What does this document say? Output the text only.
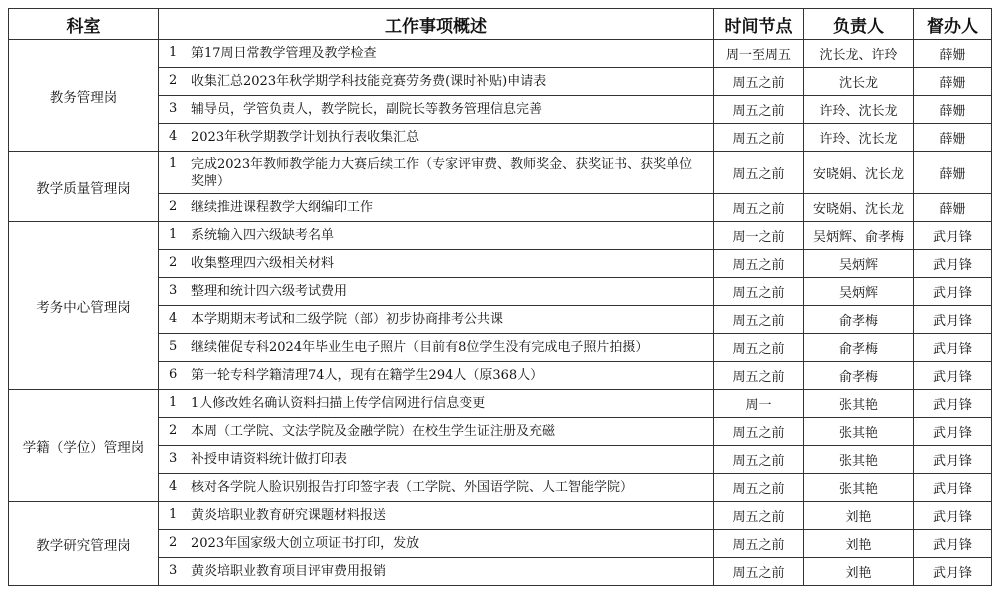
科室	工作事项概述	时间节点	负责人	督办人
教务管理岗	1 第17周日常教学管理及教学检查	周一至周五	沈长龙、许玲	薛姗
	2 收集汇总2023年秋学期学科技能竞赛劳务费(课时补贴)申请表	周五之前	沈长龙	薛姗
	3 辅导员，学管负责人，教学院长，副院长等教务管理信息完善	周五之前	许玲、沈长龙	薛姗
	4 2023年秋学期教学计划执行表收集汇总	周五之前	许玲、沈长龙	薛姗
教学质量管理岗	1 完成2023年教师教学能力大赛后续工作（专家评审费、教师奖金、获奖证书、获奖单位奖牌）	周五之前	安晓娟、沈长龙	薛姗
	2 继续推进课程教学大纲编印工作	周五之前	安晓娟、沈长龙	薛姗
考务中心管理岗	1 系统输入四六级缺考名单	周一之前	吴炳辉、俞孝梅	武月锋
	2 收集整理四六级相关材料	周五之前	吴炳辉	武月锋
	3 整理和统计四六级考试费用	周五之前	吴炳辉	武月锋
	4 本学期期末考试和二级学院（部）初步协商排考公共课	周五之前	俞孝梅	武月锋
	5 继续催促专科2024年毕业生电子照片（目前有8位学生没有完成电子照片拍摄）	周五之前	俞孝梅	武月锋
	6 第一轮专科学籍清理74人，现有在籍学生294人（原368人）	周五之前	俞孝梅	武月锋
学籍（学位）管理岗	1 1人修改姓名确认资料扫描上传学信网进行信息变更	周一	张其艳	武月锋
	2 本周（工学院、文法学院及金融学院）在校生学生证注册及充磁	周五之前	张其艳	武月锋
	3 补授申请资料统计做打印表	周五之前	张其艳	武月锋
	4 核对各学院人脸识别报告打印签字表（工学院、外国语学院、人工智能学院）	周五之前	张其艳	武月锋
教学研究管理岗	1 黄炎培职业教育研究课题材料报送	周五之前	刘艳	武月锋
	2 2023年国家级大创立项证书打印，发放	周五之前	刘艳	武月锋
	3 黄炎培职业教育项目评审费用报销	周五之前	刘艳	武月锋
